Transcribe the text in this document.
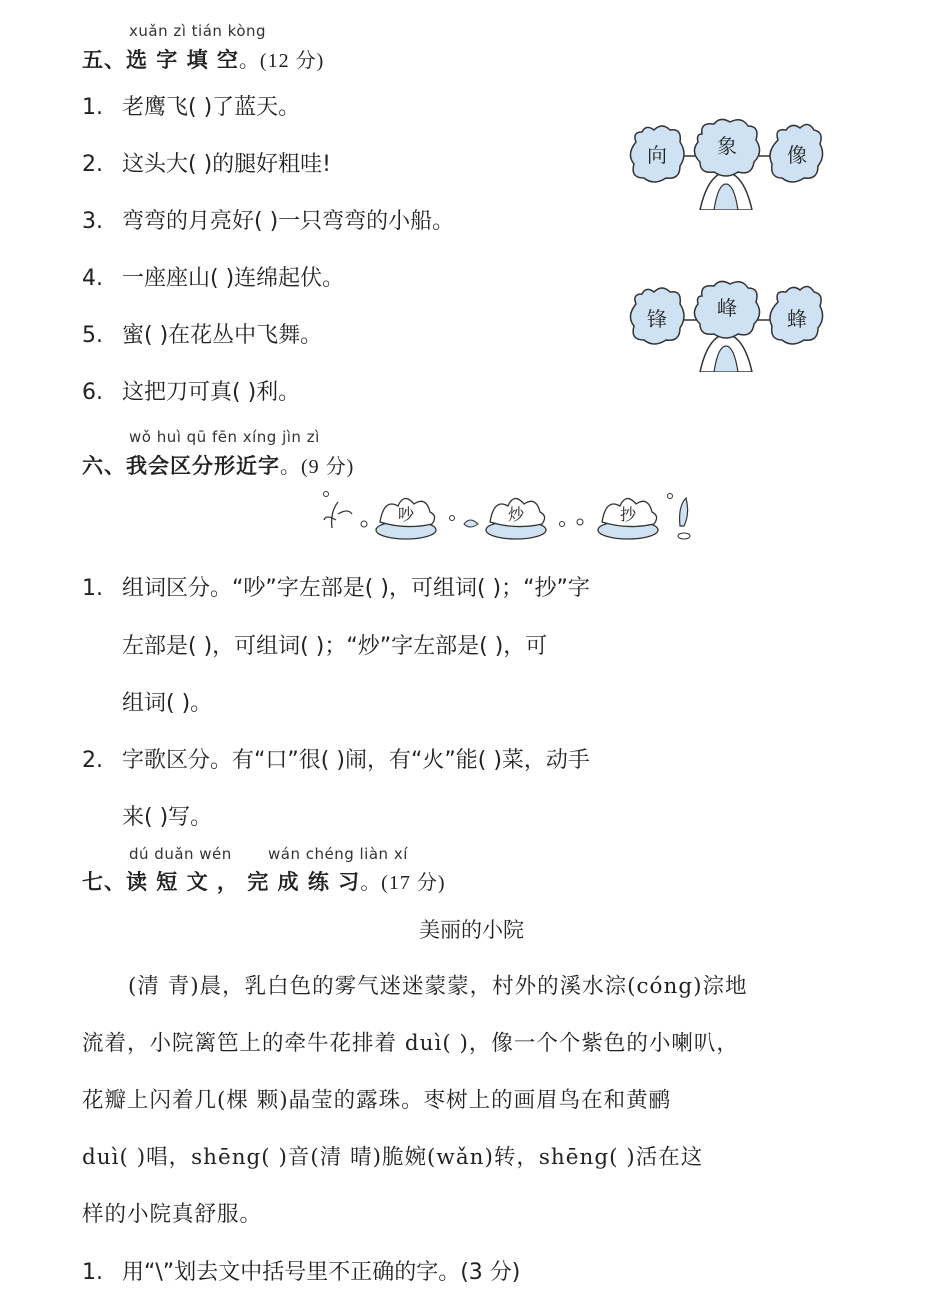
xuǎn zì tián kòng
五、选 字 填 空。(12 分)
1. 老鹰飞( )了蓝天。
2. 这头大( )的腿好粗哇!
3. 弯弯的月亮好( )一只弯弯的小船。
4. 一座座山( )连绵起伏。
5. 蜜( )在花丛中飞舞。
6. 这把刀可真( )利。
向	象	像
锋	峰	蜂
wǒ huì qū fēn xíng jìn zì
六、我会区分形近字。(9 分)
吵	炒	抄
1. 组词区分。“吵”字左部是( )，可组词( )；“抄”字
左部是( )，可组词( )；“炒”字左部是( )，可
组词( )。
2. 字歌区分。有“口”很( )闹，有“火”能( )菜，动手
来( )写。
dú duǎn wén wán chéng liàn xí
七、读 短 文 ， 完 成 练 习。(17 分)
美丽的小院
(清 青)晨，乳白色的雾气迷迷蒙蒙，村外的溪水淙(cóng)淙地
流着，小院篱笆上的牵牛花排着 duì( )，像一个个紫色的小喇叭，
花瓣上闪着几(棵 颗)晶莹的露珠。枣树上的画眉鸟在和黄鹂
duì( )唱，shēng( )音(清 晴)脆婉(wǎn)转，shēng( )活在这
样的小院真舒服。
1. 用“\”划去文中括号里不正确的字。(3 分)
